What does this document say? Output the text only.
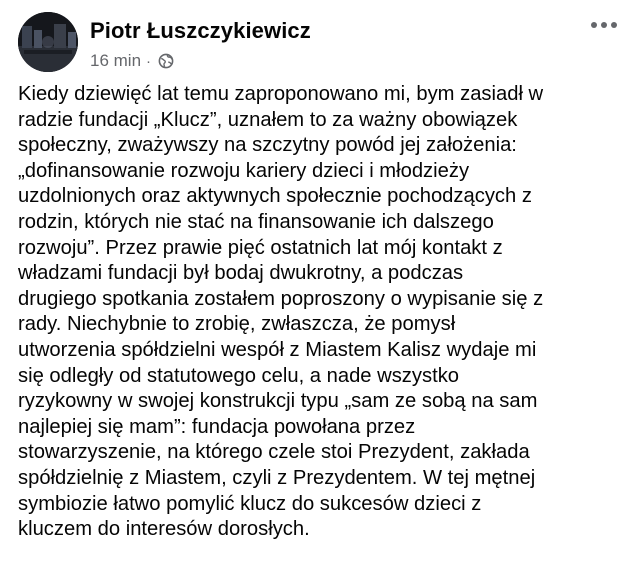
Piotr Łuszczykiewicz
16 min ·
Kiedy dziewięć lat temu zaproponowano mi, bym zasiadł w
radzie fundacji „Klucz”, uznałem to za ważny obowiązek
społeczny, zważywszy na szczytny powód jej założenia:
„dofinansowanie rozwoju kariery dzieci i młodzieży
uzdolnionych oraz aktywnych społecznie pochodzących z
rodzin, których nie stać na finansowanie ich dalszego
rozwoju”. Przez prawie pięć ostatnich lat mój kontakt z
władzami fundacji był bodaj dwukrotny, a podczas
drugiego spotkania zostałem poproszony o wypisanie się z
rady. Niechybnie to zrobię, zwłaszcza, że pomysł
utworzenia spółdzielni wespół z Miastem Kalisz wydaje mi
się odległy od statutowego celu, a nade wszystko
ryzykowny w swojej konstrukcji typu „sam ze sobą na sam
najlepiej się mam”: fundacja powołana przez
stowarzyszenie, na którego czele stoi Prezydent, zakłada
spółdzielnię z Miastem, czyli z Prezydentem. W tej mętnej
symbiozie łatwo pomylić klucz do sukcesów dzieci z
kluczem do interesów dorosłych.
